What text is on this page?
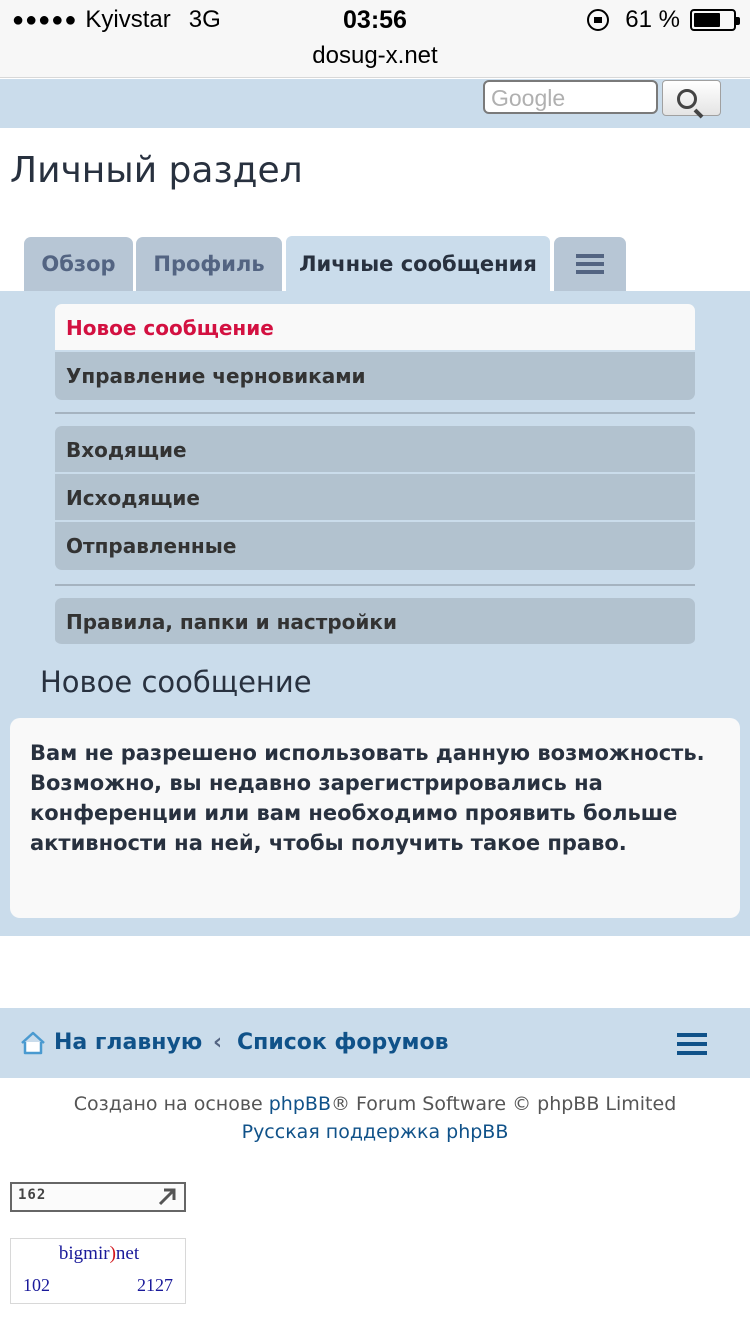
●●●●● Kyivstar 3G	03:56
dosug-x.net
61 %
Google
Личный раздел
Обзор	Профиль	Личные сообщения
Новое сообщение
Управление черновиками
Входящие
Исходящие
Отправленные
Правила, папки и настройки
Новое сообщение
Вам не разрешено использовать данную возможность. Возможно, вы недавно зарегистрировались на конференции или вам необходимо проявить больше активности на ней, чтобы получить такое право.
На главную ‹ Список форумов
Создано на основе phpBB® Forum Software © phpBB Limited
Русская поддержка phpBB
162
bigmir)net
102	2127
